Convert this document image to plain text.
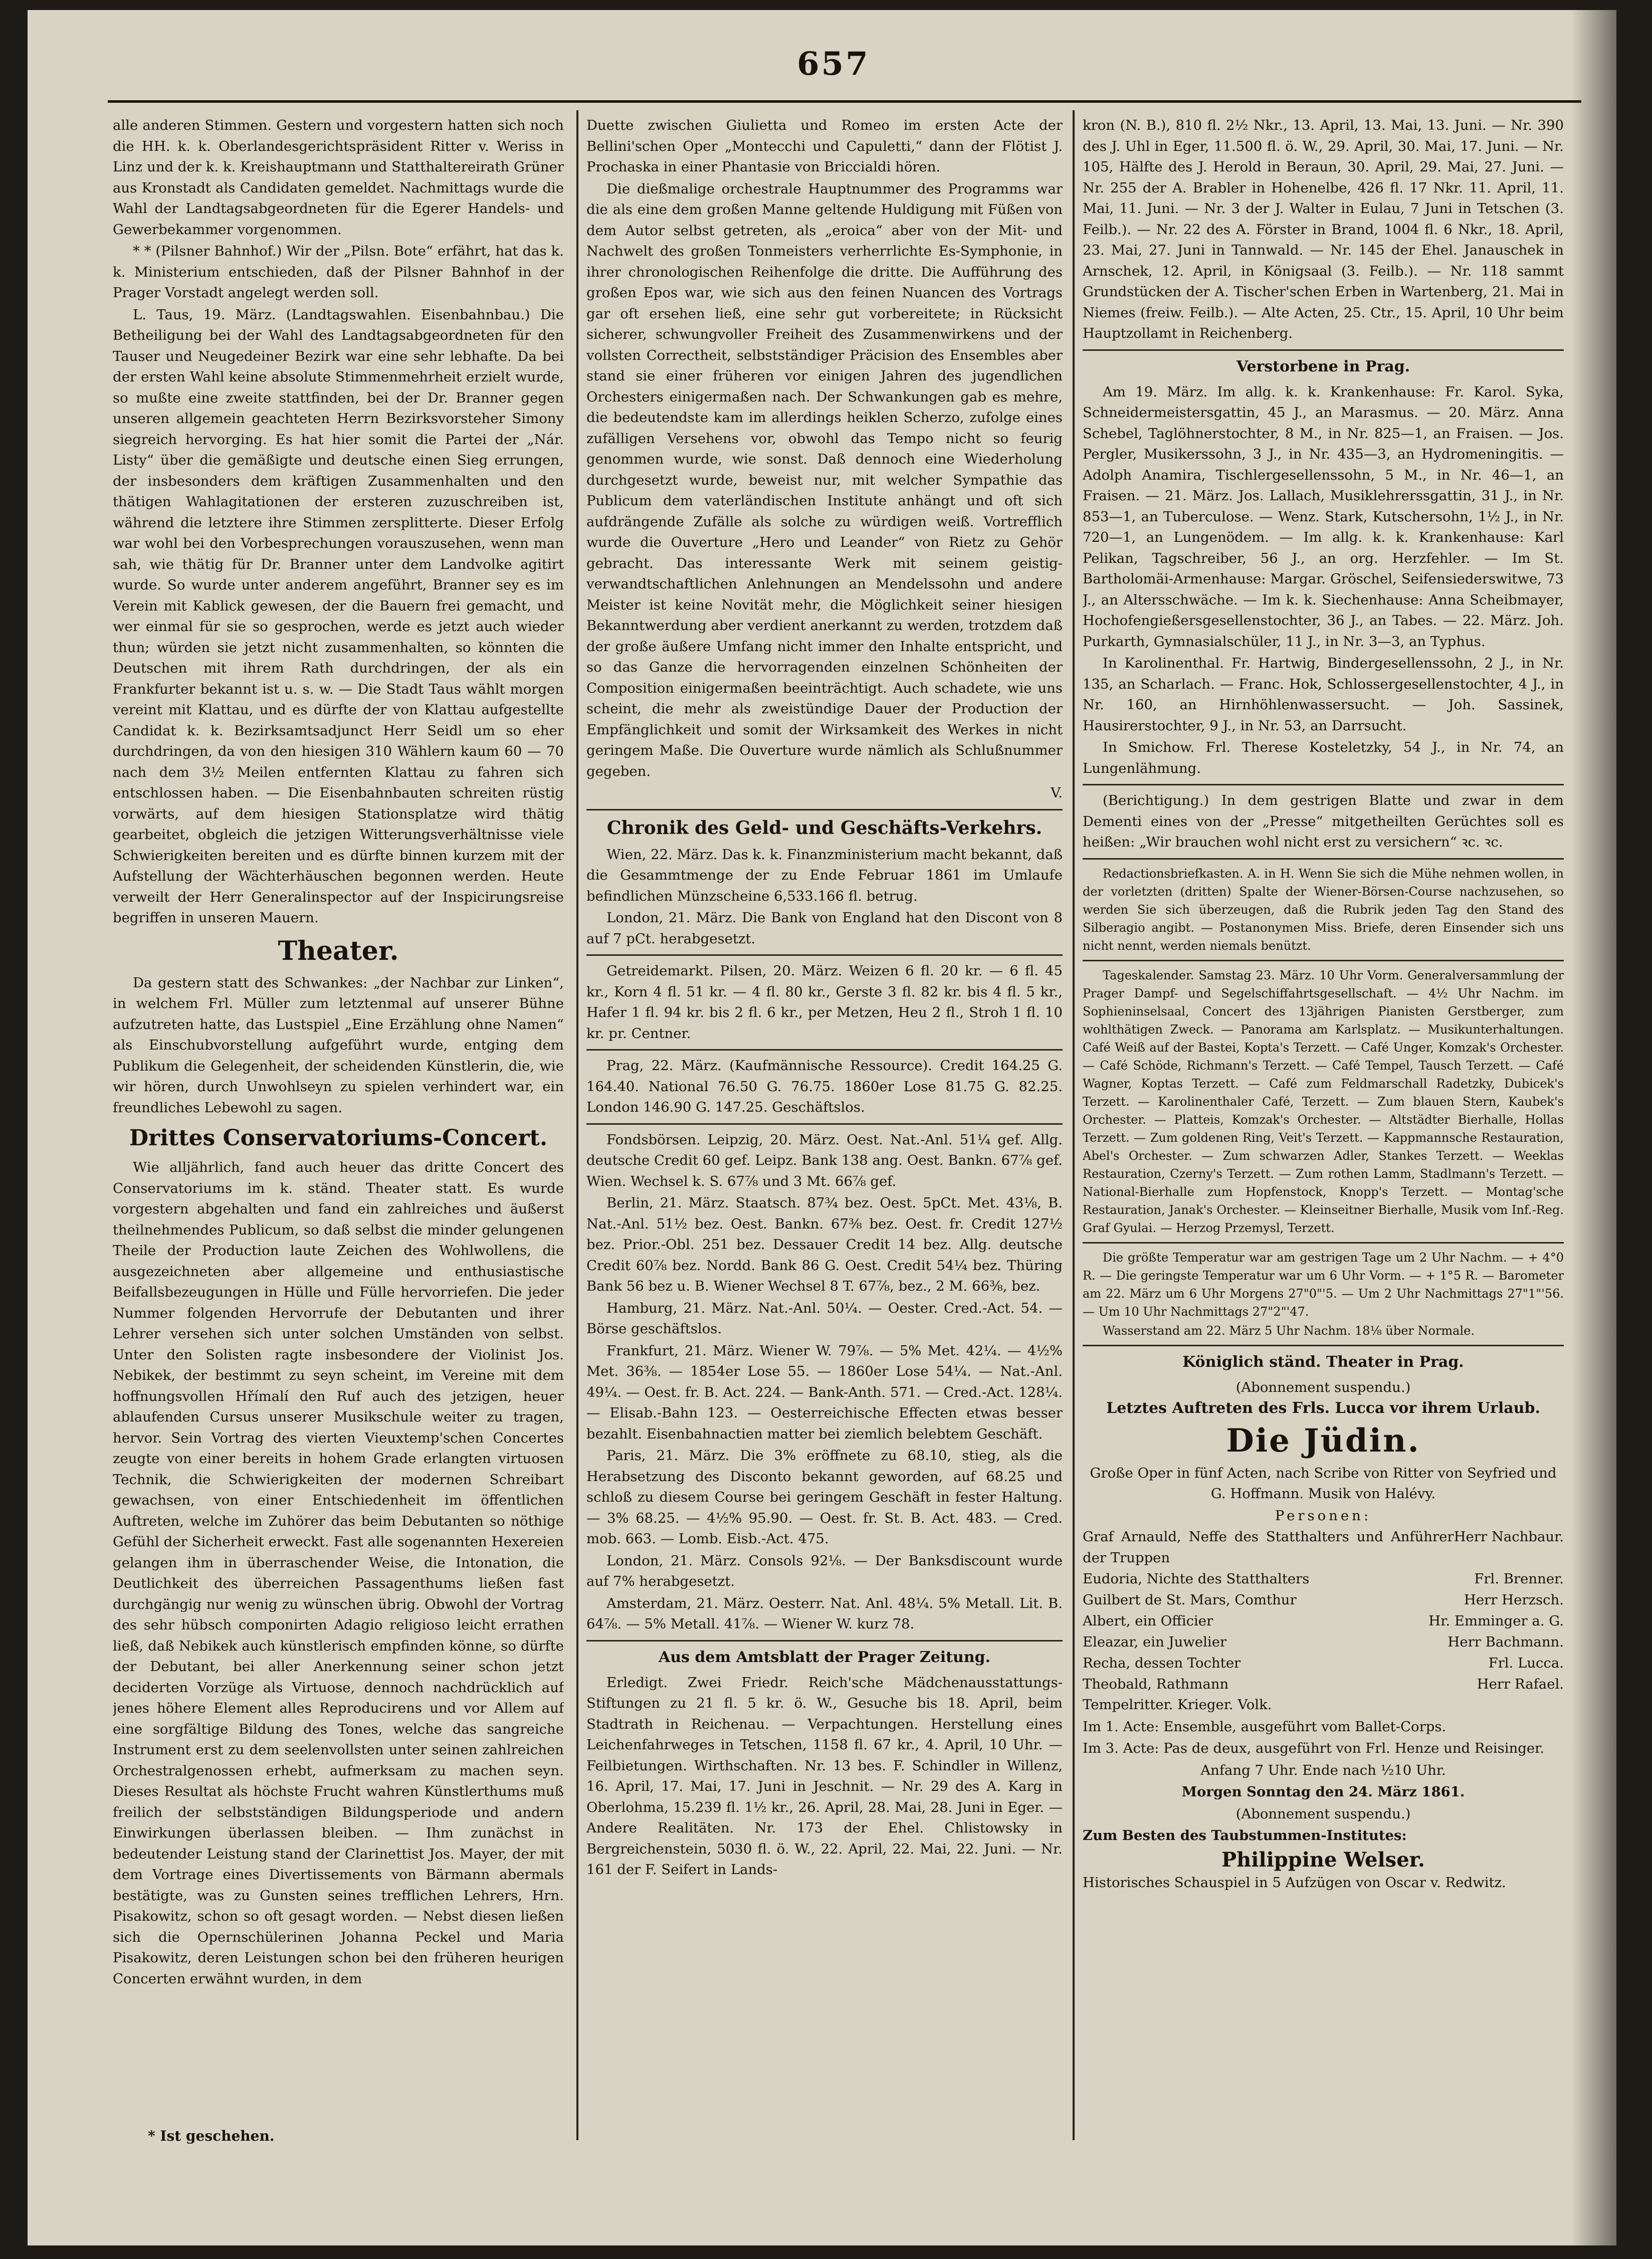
657

alle anderen Stimmen. Gestern und vorgestern hatten sich noch die HH. k. k. Oberlandesgerichtspräsident Ritter v. Weriss in Linz und der k. k. Kreishauptmann und Statthaltereirath Grüner aus Kronstadt als Candidaten gemeldet. Nachmittags wurde die Wahl der Landtagsabgeordneten für die Egerer Handels- und Gewerbekammer vorgenommen.

* * (Pilsner Bahnhof.) Wir der „Pilsn. Bote“ erfährt, hat das k. k. Ministerium entschieden, daß der Pilsner Bahnhof in der Prager Vorstadt angelegt werden soll.

L. Taus, 19. März. (Landtagswahlen. Eisenbahnbau.) Die Betheiligung bei der Wahl des Landtagsabgeordneten für den Tauser und Neugedeiner Bezirk war eine sehr lebhafte. Da bei der ersten Wahl keine absolute Stimmenmehrheit erzielt wurde, so mußte eine zweite stattfinden, bei der Dr. Branner gegen unseren allgemein geachteten Herrn Bezirksvorsteher Simony siegreich hervorging. Es hat hier somit die Partei der „Nár. Listy“ über die gemäßigte und deutsche einen Sieg errungen, der insbesonders dem kräftigen Zusammenhalten und den thätigen Wahlagitationen der ersteren zuzuschreiben ist, während die letztere ihre Stimmen zersplitterte. Dieser Erfolg war wohl bei den Vorbesprechungen vorauszusehen, wenn man sah, wie thätig für Dr. Branner unter dem Landvolke agitirt wurde. So wurde unter anderem angeführt, Branner sey es im Verein mit Kablick gewesen, der die Bauern frei gemacht, und wer einmal für sie so gesprochen, werde es jetzt auch wieder thun; würden sie jetzt nicht zusammenhalten, so könnten die Deutschen mit ihrem Rath durchdringen, der als ein Frankfurter bekannt ist u. s. w. — Die Stadt Taus wählt morgen vereint mit Klattau, und es dürfte der von Klattau aufgestellte Candidat k. k. Bezirksamtsadjunct Herr Seidl um so eher durchdringen, da von den hiesigen 310 Wählern kaum 60 — 70 nach dem 3½ Meilen entfernten Klattau zu fahren sich entschlossen haben. — Die Eisenbahnbauten schreiten rüstig vorwärts, auf dem hiesigen Stationsplatze wird thätig gearbeitet, obgleich die jetzigen Witterungsverhältnisse viele Schwierigkeiten bereiten und es dürfte binnen kurzem mit der Aufstellung der Wächterhäuschen begonnen werden. Heute verweilt der Herr Generalinspector auf der Inspicirungsreise begriffen in unseren Mauern.

Theater.

Da gestern statt des Schwankes: „der Nachbar zur Linken“, in welchem Frl. Müller zum letztenmal auf unserer Bühne aufzutreten hatte, das Lustspiel „Eine Erzählung ohne Namen“ als Einschubvorstellung aufgeführt wurde, entging dem Publikum die Gelegenheit, der scheidenden Künstlerin, die, wie wir hören, durch Unwohlseyn zu spielen verhindert war, ein freundliches Lebewohl zu sagen.

Drittes Conservatoriums-Concert.

Wie alljährlich, fand auch heuer das dritte Concert des Conservatoriums im k. ständ. Theater statt. Es wurde vorgestern abgehalten und fand ein zahlreiches und äußerst theilnehmendes Publicum, so daß selbst die minder gelungenen Theile der Production laute Zeichen des Wohlwollens, die ausgezeichneten aber allgemeine und enthusiastische Beifallsbezeugungen in Hülle und Fülle hervorriefen. Die jeder Nummer folgenden Hervorrufe der Debutanten und ihrer Lehrer versehen sich unter solchen Umständen von selbst. Unter den Solisten ragte insbesondere der Violinist Jos. Nebikek, der bestimmt zu seyn scheint, im Vereine mit dem hoffnungsvollen Hřímalí den Ruf auch des jetzigen, heuer ablaufenden Cursus unserer Musikschule weiter zu tragen, hervor. Sein Vortrag des vierten Vieuxtemp'schen Concertes zeugte von einer bereits in hohem Grade erlangten virtuosen Technik, die Schwierigkeiten der modernen Schreibart gewachsen, von einer Entschiedenheit im öffentlichen Auftreten, welche im Zuhörer das beim Debutanten so nöthige Gefühl der Sicherheit erweckt. Fast alle sogenannten Hexereien gelangen ihm in überraschender Weise, die Intonation, die Deutlichkeit des überreichen Passagenthums ließen fast durchgängig nur wenig zu wünschen übrig. Obwohl der Vortrag des sehr hübsch componirten Adagio religioso leicht errathen ließ, daß Nebikek auch künstlerisch empfinden könne, so dürfte der Debutant, bei aller Anerkennung seiner schon jetzt deciderten Vorzüge als Virtuose, dennoch nachdrücklich auf jenes höhere Element alles Reproducirens und vor Allem auf eine sorgfältige Bildung des Tones, welche das sangreiche Instrument erst zu dem seelenvollsten unter seinen zahlreichen Orchestralgenossen erhebt, aufmerksam zu machen seyn. Dieses Resultat als höchste Frucht wahren Künstlerthums muß freilich der selbstständigen Bildungsperiode und andern Einwirkungen überlassen bleiben. — Ihm zunächst in bedeutender Leistung stand der Clarinettist Jos. Mayer, der mit dem Vortrage eines Divertissements von Bärmann abermals bestätigte, was zu Gunsten seines trefflichen Lehrers, Hrn. Pisakowitz, schon so oft gesagt worden. — Nebst diesen ließen sich die Opernschülerinen Johanna Peckel und Maria Pisakowitz, deren Leistungen schon bei den früheren heurigen Concerten erwähnt wurden, in dem

* Ist geschehen.

Duette zwischen Giulietta und Romeo im ersten Acte der Bellini'schen Oper „Montecchi und Capuletti,“ dann der Flötist J. Prochaska in einer Phantasie von Briccialdi hören.

Die dießmalige orchestrale Hauptnummer des Programms war die als eine dem großen Manne geltende Huldigung mit Füßen von dem Autor selbst getreten, als „eroica“ aber von der Mit- und Nachwelt des großen Tonmeisters verherrlichte Es-Symphonie, in ihrer chronologischen Reihenfolge die dritte. Die Aufführung des großen Epos war, wie sich aus den feinen Nuancen des Vortrags gar oft ersehen ließ, eine sehr gut vorbereitete; in Rücksicht sicherer, schwungvoller Freiheit des Zusammenwirkens und der vollsten Correctheit, selbstständiger Präcision des Ensembles aber stand sie einer früheren vor einigen Jahren des jugendlichen Orchesters einigermaßen nach. Der Schwankungen gab es mehre, die bedeutendste kam im allerdings heiklen Scherzo, zufolge eines zufälligen Versehens vor, obwohl das Tempo nicht so feurig genommen wurde, wie sonst. Daß dennoch eine Wiederholung durchgesetzt wurde, beweist nur, mit welcher Sympathie das Publicum dem vaterländischen Institute anhängt und oft sich aufdrängende Zufälle als solche zu würdigen weiß. Vortrefflich wurde die Ouverture „Hero und Leander“ von Rietz zu Gehör gebracht. Das interessante Werk mit seinem geistig-verwandtschaftlichen Anlehnungen an Mendelssohn und andere Meister ist keine Novität mehr, die Möglichkeit seiner hiesigen Bekanntwerdung aber verdient anerkannt zu werden, trotzdem daß der große äußere Umfang nicht immer den Inhalte entspricht, und so das Ganze die hervorragenden einzelnen Schönheiten der Composition einigermaßen beeinträchtigt. Auch schadete, wie uns scheint, die mehr als zweistündige Dauer der Production der Empfänglichkeit und somit der Wirksamkeit des Werkes in nicht geringem Maße. Die Ouverture wurde nämlich als Schlußnummer gegeben.

V.
Chronik des Geld- und Geschäfts-Verkehrs.

Wien, 22. März. Das k. k. Finanzministerium macht bekannt, daß die Gesammtmenge der zu Ende Februar 1861 im Umlaufe befindlichen Münzscheine 6,533.166 fl. betrug.

London, 21. März. Die Bank von England hat den Discont von 8 auf 7 pCt. herabgesetzt.

Getreidemarkt. Pilsen, 20. März. Weizen 6 fl. 20 kr. — 6 fl. 45 kr., Korn 4 fl. 51 kr. — 4 fl. 80 kr., Gerste 3 fl. 82 kr. bis 4 fl. 5 kr., Hafer 1 fl. 94 kr. bis 2 fl. 6 kr., per Metzen, Heu 2 fl., Stroh 1 fl. 10 kr. pr. Centner.

Prag, 22. März. (Kaufmännische Ressource). Credit 164.25 G. 164.40. National 76.50 G. 76.75. 1860er Lose 81.75 G. 82.25. London 146.90 G. 147.25. Geschäftslos.

Fondsbörsen. Leipzig, 20. März. Oest. Nat.-Anl. 51¼ gef. Allg. deutsche Credit 60 gef. Leipz. Bank 138 ang. Oest. Bankn. 67⅞ gef. Wien. Wechsel k. S. 67⅞ und 3 Mt. 66⅞ gef.

Berlin, 21. März. Staatsch. 87¾ bez. Oest. 5pCt. Met. 43⅛, B. Nat.-Anl. 51½ bez. Oest. Bankn. 67⅜ bez. Oest. fr. Credit 127½ bez. Prior.-Obl. 251 bez. Dessauer Credit 14 bez. Allg. deutsche Credit 60⅞ bez. Nordd. Bank 86 G. Oest. Credit 54¼ bez. Thüring Bank 56 bez u. B. Wiener Wechsel 8 T. 67⅞, bez., 2 M. 66⅜, bez.

Hamburg, 21. März. Nat.-Anl. 50¼. — Oester. Cred.-Act. 54. — Börse geschäftslos.

Frankfurt, 21. März. Wiener W. 79⅞. — 5% Met. 42¼. — 4½% Met. 36⅜. — 1854er Lose 55. — 1860er Lose 54¼. — Nat.-Anl. 49¼. — Oest. fr. B. Act. 224. — Bank-Anth. 571. — Cred.-Act. 128¼. — Elisab.-Bahn 123. — Oesterreichische Effecten etwas besser bezahlt. Eisenbahnactien matter bei ziemlich belebtem Geschäft.

Paris, 21. März. Die 3% eröffnete zu 68.10, stieg, als die Herabsetzung des Disconto bekannt geworden, auf 68.25 und schloß zu diesem Course bei geringem Geschäft in fester Haltung. — 3% 68.25. — 4½% 95.90. — Oest. fr. St. B. Act. 483. — Cred. mob. 663. — Lomb. Eisb.-Act. 475.

London, 21. März. Consols 92⅛. — Der Banksdiscount wurde auf 7% herabgesetzt.

Amsterdam, 21. März. Oesterr. Nat. Anl. 48¼. 5% Metall. Lit. B. 64⅞. — 5% Metall. 41⅞. — Wiener W. kurz 78.

Aus dem Amtsblatt der Prager Zeitung.

Erledigt. Zwei Friedr. Reich'sche Mädchenausstattungs-Stiftungen zu 21 fl. 5 kr. ö. W., Gesuche bis 18. April, beim Stadtrath in Reichenau. — Verpachtungen. Herstellung eines Leichenfahrweges in Tetschen, 1158 fl. 67 kr., 4. April, 10 Uhr. — Feilbietungen. Wirthschaften. Nr. 13 bes. F. Schindler in Willenz, 16. April, 17. Mai, 17. Juni in Jeschnit. — Nr. 29 des A. Karg in Oberlohma, 15.239 fl. 1½ kr., 26. April, 28. Mai, 28. Juni in Eger. — Andere Realitäten. Nr. 173 der Ehel. Chlistowsky in Bergreichenstein, 5030 fl. ö. W., 22. April, 22. Mai, 22. Juni. — Nr. 161 der F. Seifert in Lands-

kron (N. B.), 810 fl. 2½ Nkr., 13. April, 13. Mai, 13. Juni. — Nr. 390 des J. Uhl in Eger, 11.500 fl. ö. W., 29. April, 30. Mai, 17. Juni. — Nr. 105, Hälfte des J. Herold in Beraun, 30. April, 29. Mai, 27. Juni. — Nr. 255 der A. Brabler in Hohenelbe, 426 fl. 17 Nkr. 11. April, 11. Mai, 11. Juni. — Nr. 3 der J. Walter in Eulau, 7 Juni in Tetschen (3. Feilb.). — Nr. 22 des A. Förster in Brand, 1004 fl. 6 Nkr., 18. April, 23. Mai, 27. Juni in Tannwald. — Nr. 145 der Ehel. Janauschek in Arnschek, 12. April, in Königsaal (3. Feilb.). — Nr. 118 sammt Grundstücken der A. Tischer'schen Erben in Wartenberg, 21. Mai in Niemes (freiw. Feilb.). — Alte Acten, 25. Ctr., 15. April, 10 Uhr beim Hauptzollamt in Reichenberg.

Verstorbene in Prag.

Am 19. März. Im allg. k. k. Krankenhause: Fr. Karol. Syka, Schneidermeistersgattin, 45 J., an Marasmus. — 20. März. Anna Schebel, Taglöhnerstochter, 8 M., in Nr. 825—1, an Fraisen. — Jos. Pergler, Musikerssohn, 3 J., in Nr. 435—3, an Hydromeningitis. — Adolph Anamira, Tischlergesellenssohn, 5 M., in Nr. 46—1, an Fraisen. — 21. März. Jos. Lallach, Musiklehrerssgattin, 31 J., in Nr. 853—1, an Tuberculose. — Wenz. Stark, Kutschersohn, 1½ J., in Nr. 720—1, an Lungenödem. — Im allg. k. k. Krankenhause: Karl Pelikan, Tagschreiber, 56 J., an org. Herzfehler. — Im St. Bartholomäi-Armenhause: Margar. Gröschel, Seifensiederswitwe, 73 J., an Altersschwäche. — Im k. k. Siechenhause: Anna Scheibmayer, Hochofengießersgesellenstochter, 36 J., an Tabes. — 22. März. Joh. Purkarth, Gymnasialschüler, 11 J., in Nr. 3—3, an Typhus.

In Karolinenthal. Fr. Hartwig, Bindergesellenssohn, 2 J., in Nr. 135, an Scharlach. — Franc. Hok, Schlossergesellenstochter, 4 J., in Nr. 160, an Hirnhöhlenwassersucht. — Joh. Sassinek, Hausirerstochter, 9 J., in Nr. 53, an Darrsucht.

In Smichow. Frl. Therese Kosteletzky, 54 J., in Nr. 74, an Lungenlähmung.

(Berichtigung.) In dem gestrigen Blatte und zwar in dem Dementi eines von der „Presse“ mitgetheilten Gerüchtes soll es heißen: „Wir brauchen wohl nicht erst zu versichern“ ꝛc. ꝛc.

Redactionsbriefkasten. A. in H. Wenn Sie sich die Mühe nehmen wollen, in der vorletzten (dritten) Spalte der Wiener-Börsen-Course nachzusehen, so werden Sie sich überzeugen, daß die Rubrik jeden Tag den Stand des Silberagio angibt. — Postanonymen Miss. Briefe, deren Einsender sich uns nicht nennt, werden niemals benützt.

Tageskalender. Samstag 23. März. 10 Uhr Vorm. Generalversammlung der Prager Dampf- und Segelschiffahrtsgesellschaft. — 4½ Uhr Nachm. im Sophieninselsaal, Concert des 13jährigen Pianisten Gerstberger, zum wohlthätigen Zweck. — Panorama am Karlsplatz. — Musikunterhaltungen. Café Weiß auf der Bastei, Kopta's Terzett. — Café Unger, Komzak's Orchester. — Café Schöde, Richmann's Terzett. — Café Tempel, Tausch Terzett. — Café Wagner, Koptas Terzett. — Café zum Feldmarschall Radetzky, Dubicek's Terzett. — Karolinenthaler Café, Terzett. — Zum blauen Stern, Kaubek's Orchester. — Platteis, Komzak's Orchester. — Altstädter Bierhalle, Hollas Terzett. — Zum goldenen Ring, Veit's Terzett. — Kappmannsche Restauration, Abel's Orchester. — Zum schwarzen Adler, Stankes Terzett. — Weeklas Restauration, Czerny's Terzett. — Zum rothen Lamm, Stadlmann's Terzett. — National-Bierhalle zum Hopfenstock, Knopp's Terzett. — Montag'sche Restauration, Janak's Orchester. — Kleinseitner Bierhalle, Musik vom Inf.-Reg. Graf Gyulai. — Herzog Przemysl, Terzett.

Die größte Temperatur war am gestrigen Tage um 2 Uhr Nachm. — + 4°0 R. — Die geringste Temperatur war um 6 Uhr Vorm. — + 1°5 R. — Barometer am 22. März um 6 Uhr Morgens 27"0"'5. — Um 2 Uhr Nachmittags 27"1"'56. — Um 10 Uhr Nachmittags 27"2"'47.

Wasserstand am 22. März 5 Uhr Nachm. 18⅛ über Normale.

Königlich ständ. Theater in Prag.
(Abonnement suspendu.)
Letztes Auftreten des Frls. Lucca vor ihrem Urlaub.
Die Jüdin.

Große Oper in fünf Acten, nach Scribe von Ritter von Seyfried und G. Hoffmann. Musik von Halévy.

Personen:
Graf Arnauld, Neffe des Statthalters und Anführer der Truppen
Herr Nachbaur.
Eudoria, Nichte des Statthalters	Frl. Brenner.
Guilbert de St. Mars, Comthur	Herr Herzsch.
Albert, ein Officier	Hr. Emminger a. G.
Eleazar, ein Juwelier	Herr Bachmann.
Recha, dessen Tochter	Frl. Lucca.
Theobald, Rathmann	Herr Rafael.

Tempelritter. Krieger. Volk.

Im 1. Acte: Ensemble, ausgeführt vom Ballet-Corps.

Im 3. Acte: Pas de deux, ausgeführt von Frl. Henze und Reisinger.

Anfang 7 Uhr. Ende nach ½10 Uhr.

Morgen Sonntag den 24. März 1861.

(Abonnement suspendu.)

Zum Besten des Taubstummen-Institutes:

Philippine Welser.

Historisches Schauspiel in 5 Aufzügen von Oscar v. Redwitz.
